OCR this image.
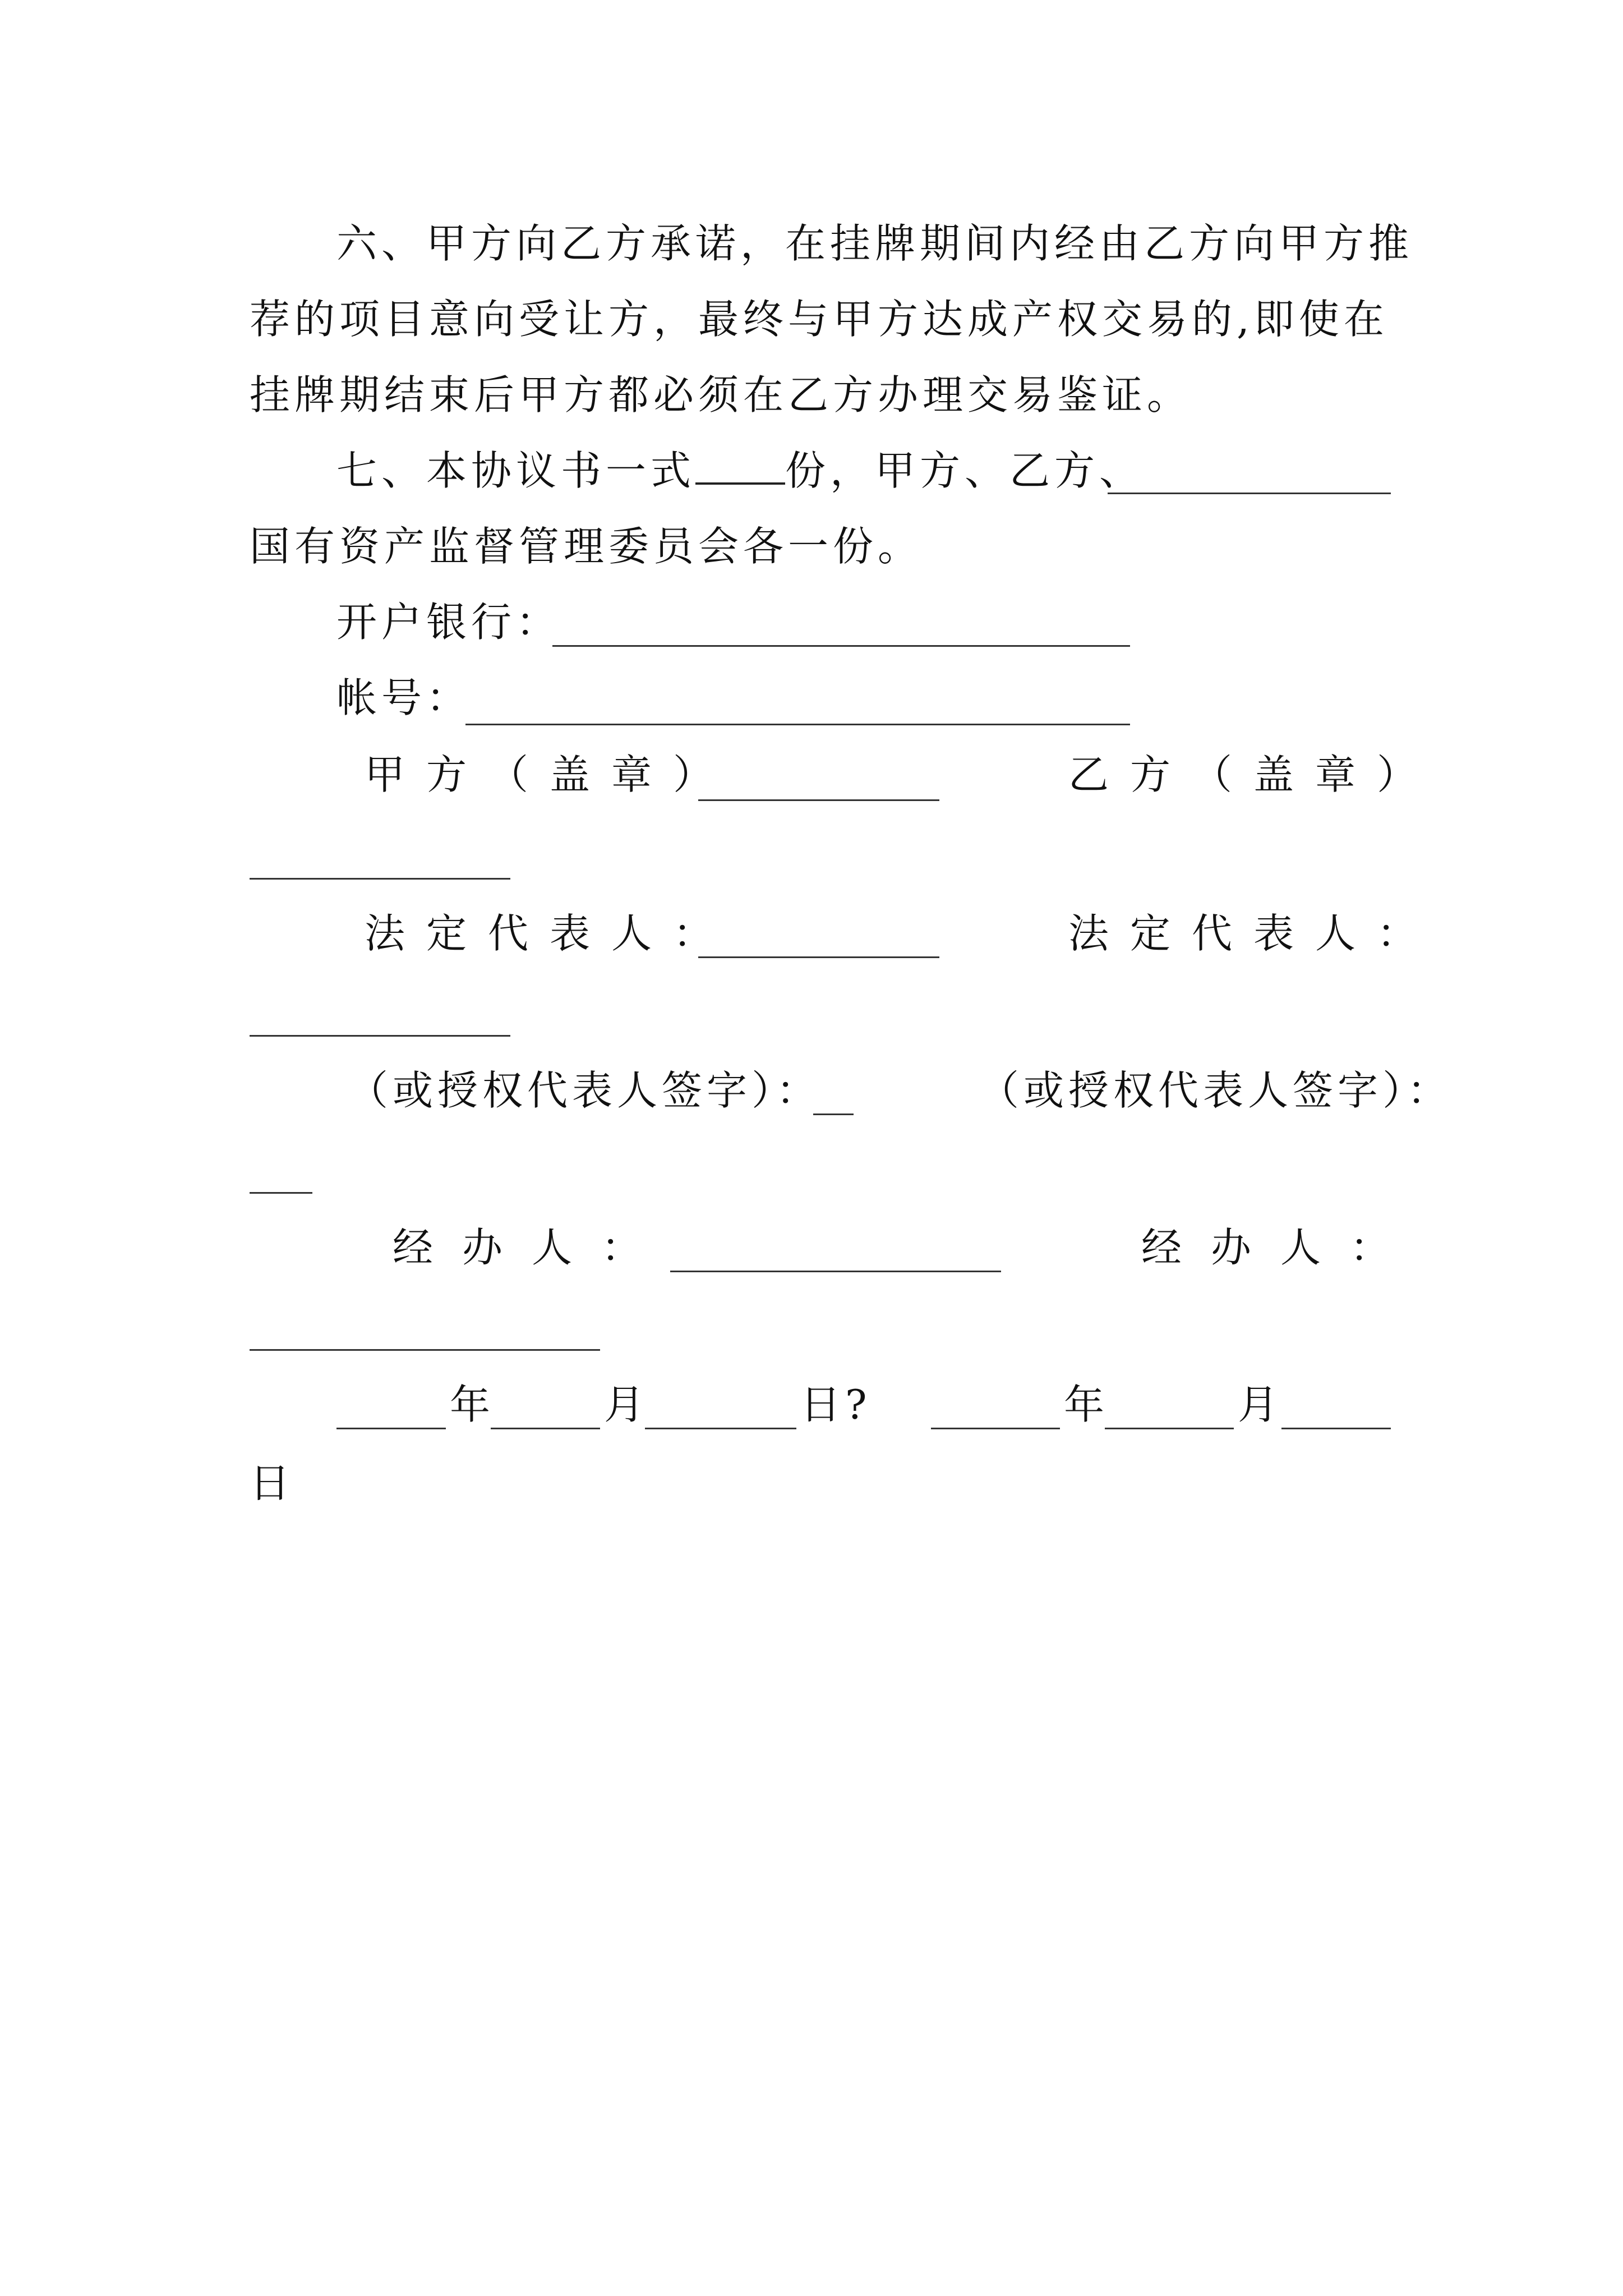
六、甲方向乙方承诺，在挂牌期间内经由乙方向甲方推
荐的项目意向受让方，最终与甲方达成产权交易的,即使在
挂牌期结束后甲方都必须在乙方办理交易鉴证。
七、本协议书一式 份，甲方、乙方、
国有资产监督管理委员会各一份。
开户银行：
帐号：
甲方（盖章）	乙方（盖章）
法定代表人：	法定代表人：
（或授权代表人签字）：	（或授权代表人签字）：
经办人：	经办人：
年	月	日?	年	月
日
